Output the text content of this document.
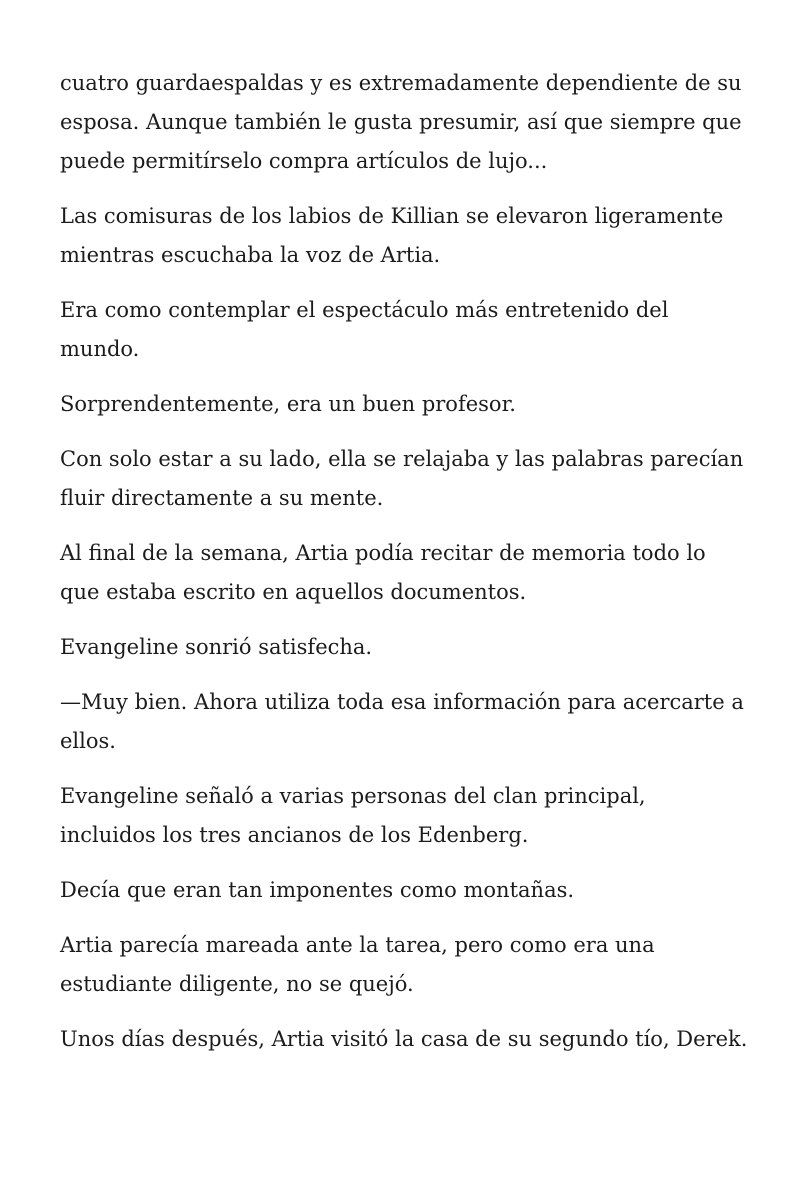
cuatro guardaespaldas y es extremadamente dependiente de su esposa. Aunque también le gusta presumir, así que siempre que puede permitírselo compra artículos de lujo...

Las comisuras de los labios de Killian se elevaron ligeramente mientras escuchaba la voz de Artia.

Era como contemplar el espectáculo más entretenido del mundo.

Sorprendentemente, era un buen profesor.

Con solo estar a su lado, ella se relajaba y las palabras parecían fluir directamente a su mente.

Al final de la semana, Artia podía recitar de memoria todo lo que estaba escrito en aquellos documentos.

Evangeline sonrió satisfecha.

—Muy bien. Ahora utiliza toda esa información para acercarte a ellos.

Evangeline señaló a varias personas del clan principal, incluidos los tres ancianos de los Edenberg.

Decía que eran tan imponentes como montañas.

Artia parecía mareada ante la tarea, pero como era una estudiante diligente, no se quejó.

Unos días después, Artia visitó la casa de su segundo tío, Derek.
